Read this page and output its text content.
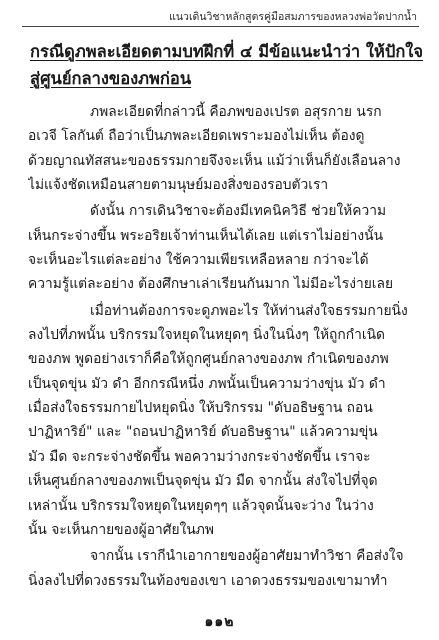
แนวเดินวิชาหลักสูตรคู่มือสมภารของหลวงพ่อวัดปากน้ำ
กรณีดูภพละเอียดตามบทฝึกที่ ๔ มีข้อแนะนำว่า ให้ปักใจ
สู่ศูนย์กลางของภพก่อน
ภพละเอียดที่กล่าวนี้ คือภพของเปรต อสุรกาย นรก
อเวจี โลกันต์ ถือว่าเป็นภพละเอียดเพราะมองไม่เห็น ต้องดู
ด้วยญาณทัสสนะของธรรมกายจึงจะเห็น แม้ว่าเห็นก็ยังเลือนลาง
ไม่แจ้งชัดเหมือนสายตามนุษย์มองสิ่งของรอบตัวเรา
ดังนั้น การเดินวิชาจะต้องมีเทคนิควิธี ช่วยให้ความ
เห็นกระจ่างขึ้น พระอริยเจ้าท่านเห็นได้เลย แต่เราไม่อย่างนั้น
จะเห็นอะไรแต่ละอย่าง ใช้ความเพียรเหลือหลาย กว่าจะได้
ความรู้แต่ละอย่าง ต้องศึกษาเล่าเรียนกันมาก ไม่มีอะไรง่ายเลย
เมื่อท่านต้องการจะดูภพอะไร ให้ท่านส่งใจธรรมกายนิ่ง
ลงไปที่ภพนั้น บริกรรมใจหยุดในหยุดๆ นิ่งในนิ่งๆ ให้ถูกกำเนิด
ของภพ พูดอย่างเราก็คือให้ถูกศูนย์กลางของภพ กำเนิดของภพ
เป็นจุดขุ่น มัว ดำ อีกกรณีหนึ่ง ภพนั้นเป็นความว่างขุ่น มัว ดำ
เมื่อส่งใจธรรมกายไปหยุดนิ่ง ให้บริกรรม "ดับอธิษฐาน ถอน
ปาฏิหาริย์" และ "ถอนปาฏิหาริย์ ดับอธิษฐาน" แล้วความขุ่น
มัว มืด จะกระจ่างชัดขึ้น พอความว่างกระจ่างชัดขึ้น เราจะ
เห็นศูนย์กลางของภพเป็นจุดขุ่น มัว มืด จากนั้น ส่งใจไปที่จุด
เหล่านั้น บริกรรมใจหยุดในหยุดๆๆ แล้วจุดนั้นจะว่าง ในว่าง
นั้น จะเห็นกายของผู้อาศัยในภพ
จากนั้น เรากีนำเอากายของผู้อาศัยมาทำวิชา คือส่งใจ
นิ่งลงไปที่ดวงธรรมในท้องของเขา เอาดวงธรรมของเขามาทำ
๑๑๒
